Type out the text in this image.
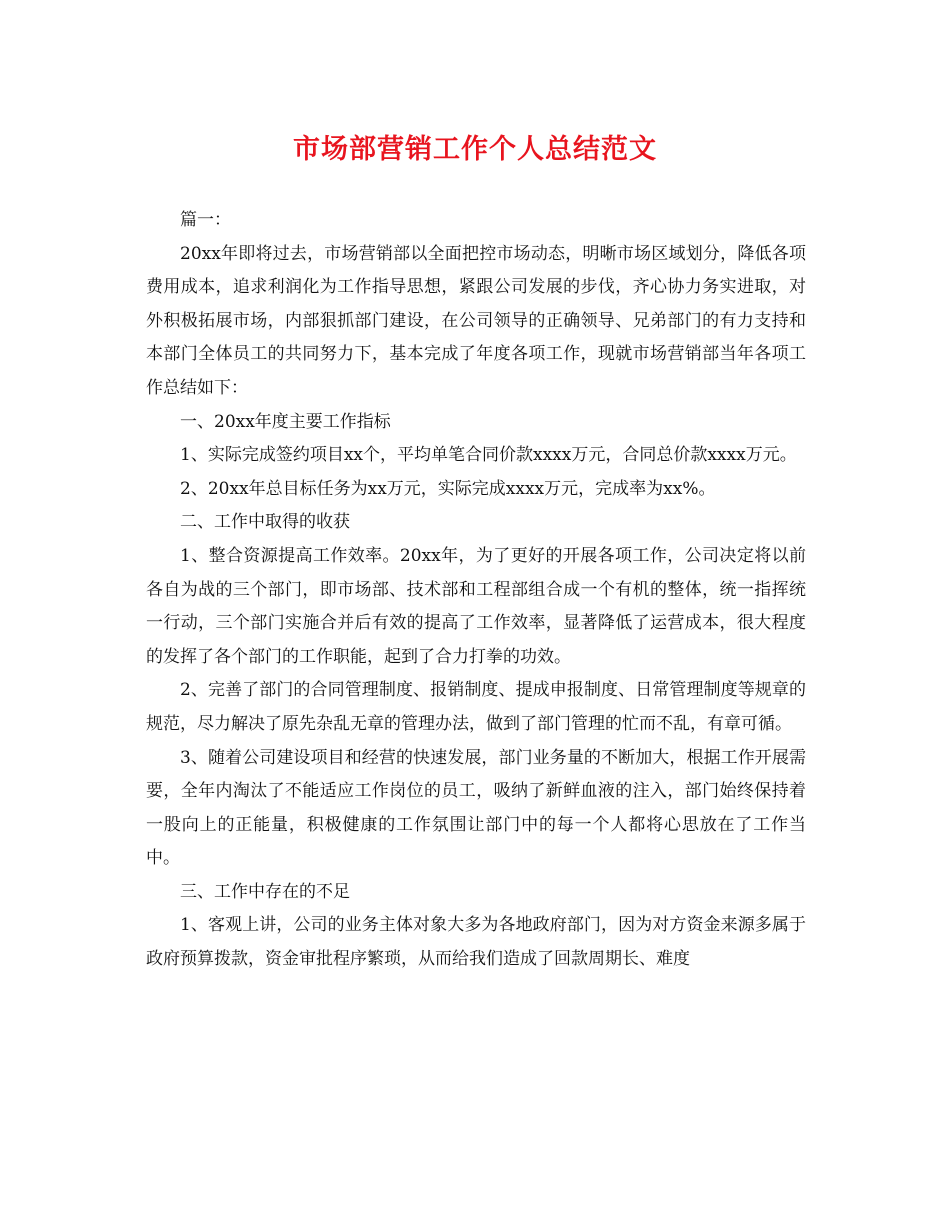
市场部营销工作个人总结范文

篇一：

20xx年即将过去，市场营销部以全面把控市场动态，明晰市场区域划分，降低各项费用成本，追求利润化为工作指导思想，紧跟公司发展的步伐，齐心协力务实进取，对外积极拓展市场，内部狠抓部门建设，在公司领导的正确领导、兄弟部门的有力支持和本部门全体员工的共同努力下，基本完成了年度各项工作，现就市场营销部当年各项工作总结如下：

一、20xx年度主要工作指标

1、实际完成签约项目xx个，平均单笔合同价款xxxx万元，合同总价款xxxx万元。

2、20xx年总目标任务为xx万元，实际完成xxxx万元，完成率为xx%。

二、工作中取得的收获

1、整合资源提高工作效率。20xx年，为了更好的开展各项工作，公司决定将以前各自为战的三个部门，即市场部、技术部和工程部组合成一个有机的整体，统一指挥统一行动，三个部门实施合并后有效的提高了工作效率，显著降低了运营成本，很大程度的发挥了各个部门的工作职能，起到了合力打拳的功效。

2、完善了部门的合同管理制度、报销制度、提成申报制度、日常管理制度等规章的规范，尽力解决了原先杂乱无章的管理办法，做到了部门管理的忙而不乱，有章可循。

3、随着公司建设项目和经营的快速发展，部门业务量的不断加大，根据工作开展需要，全年内淘汰了不能适应工作岗位的员工，吸纳了新鲜血液的注入，部门始终保持着一股向上的正能量，积极健康的工作氛围让部门中的每一个人都将心思放在了工作当中。

三、工作中存在的不足

1、客观上讲，公司的业务主体对象大多为各地政府部门，因为对方资金来源多属于政府预算拨款，资金审批程序繁琐，从而给我们造成了回款周期长、难度
